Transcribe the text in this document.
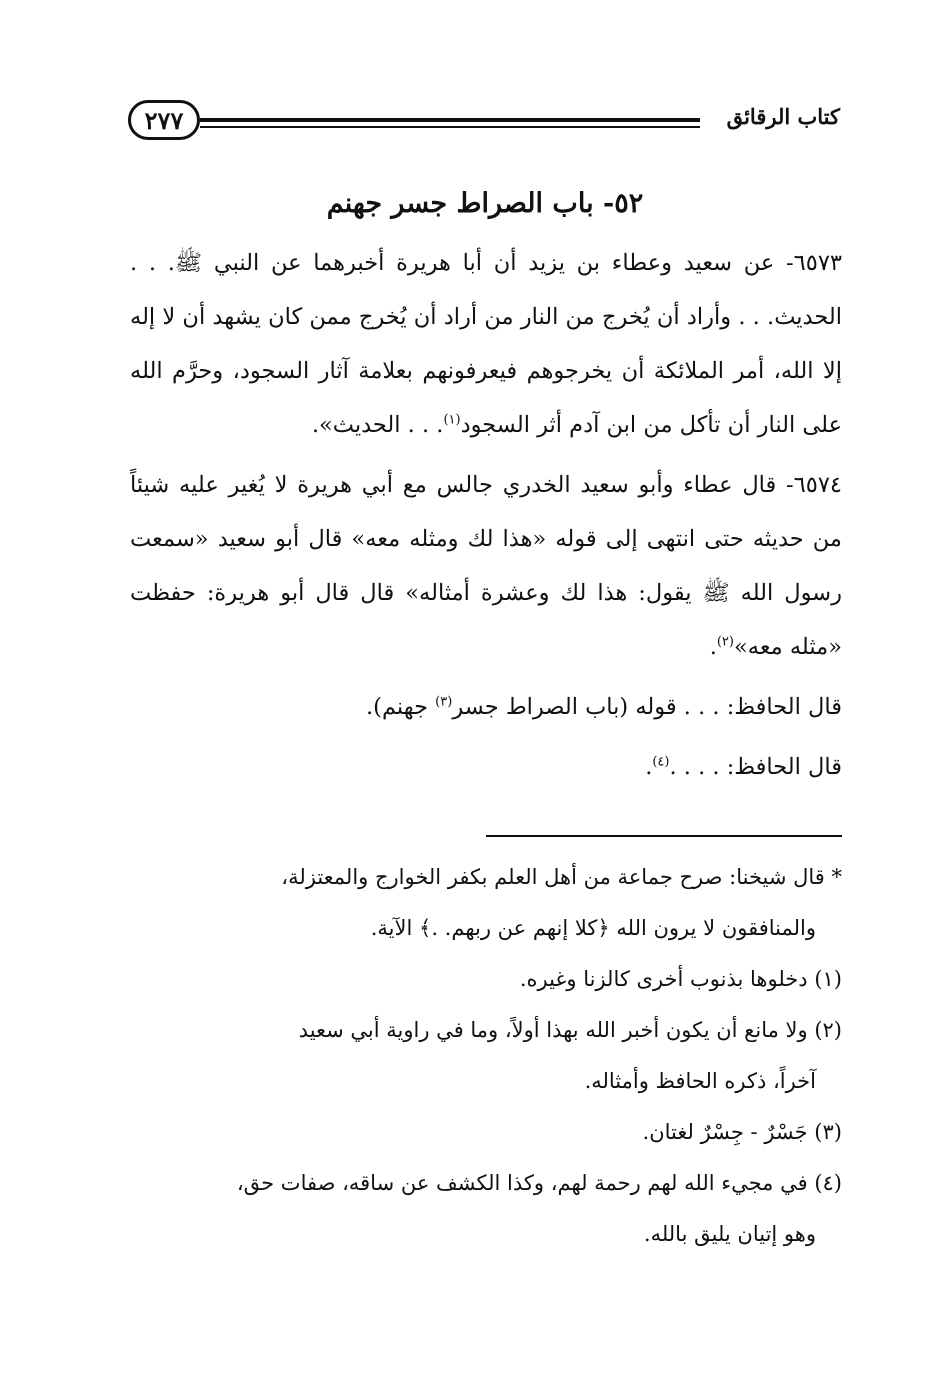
كتاب الرقائق
٢٧٧
٥٢- باب الصراط جسر جهنم

٦٥٧٣- عن سعيد وعطاء بن يزيد أن أبا هريرة أخبرهما عن النبي ﷺ. . . الحديث. . . وأراد أن يُخرج من النار من أراد أن يُخرج ممن كان يشهد أن لا إله إلا الله، أمر الملائكة أن يخرجوهم فيعرفونهم بعلامة آثار السجود، وحرَّم الله على النار أن تأكل من ابن آدم أثر السجود$^{(١)}$. . . الحديث».

٦٥٧٤- قال عطاء وأبو سعيد الخدري جالس مع أبي هريرة لا يُغير عليه شيئاً من حديثه حتى انتهى إلى قوله «هذا لك ومثله معه» قال أبو سعيد «سمعت رسول الله ﷺ يقول: هذا لك وعشرة أمثاله» قال قال أبو هريرة: حفظت «مثله معه»$^{(٢)}$.

قال الحافظ: . . . قوله (باب الصراط جسر$^{(٣)}$ جهنم).

قال الحافظ: . . . .$^{(٤)}$.

* قال شيخنا: صرح جماعة من أهل العلم بكفر الخوارج والمعتزلة،
والمنافقون لا يرون الله ﴿كلا إنهم عن ربهم. .﴾ الآية.

(١) دخلوها بذنوب أخرى كالزنا وغيره.

(٢) ولا مانع أن يكون أخبر الله بهذا أولاً، وما في راوية أبي سعيد
آخراً، ذكره الحافظ وأمثاله.

(٣) جَسْرٌ - جِسْرٌ لغتان.

(٤) في مجيء الله لهم رحمة لهم، وكذا الكشف عن ساقه، صفات حق،
وهو إتيان يليق بالله.
